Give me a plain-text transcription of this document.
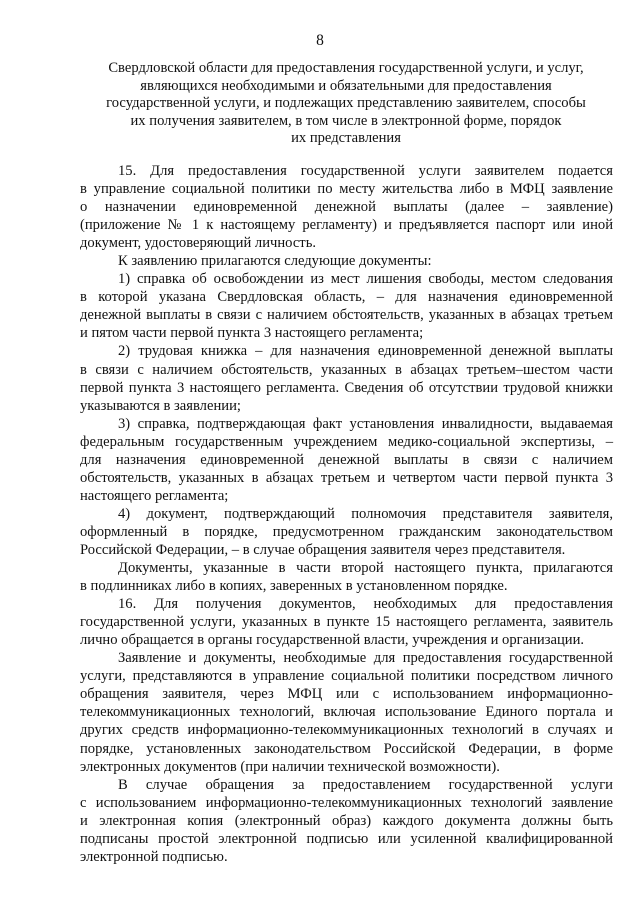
8
Свердловской области для предоставления государственной услуги, и услуг,
являющихся необходимыми и обязательными для предоставления
государственной услуги, и подлежащих представлению заявителем, способы
их получения заявителем, в том числе в электронной форме, порядок
их представления

15. Для предоставления государственной услуги заявителем подается
в управление социальной политики по месту жительства либо в МФЦ заявление
о назначении единовременной денежной выплаты (далее – заявление)
(приложение № 1 к настоящему регламенту) и предъявляется паспорт или иной
документ, удостоверяющий личность.

К заявлению прилагаются следующие документы:

1) справка об освобождении из мест лишения свободы, местом следования
в которой указана Свердловская область, – для назначения единовременной
денежной выплаты в связи с наличием обстоятельств, указанных в абзацах третьем
и пятом части первой пункта 3 настоящего регламента;

2) трудовая книжка – для назначения единовременной денежной выплаты
в связи с наличием обстоятельств, указанных в абзацах третьем–шестом части
первой пункта 3 настоящего регламента. Сведения об отсутствии трудовой книжки
указываются в заявлении;

3) справка, подтверждающая факт установления инвалидности, выдаваемая
федеральным государственным учреждением медико-социальной экспертизы, –
для назначения единовременной денежной выплаты в связи с наличием
обстоятельств, указанных в абзацах третьем и четвертом части первой пункта 3
настоящего регламента;

4) документ, подтверждающий полномочия представителя заявителя,
оформленный в порядке, предусмотренном гражданским законодательством
Российской Федерации, – в случае обращения заявителя через представителя.

Документы, указанные в части второй настоящего пункта, прилагаются
в подлинниках либо в копиях, заверенных в установленном порядке.

16. Для получения документов, необходимых для предоставления
государственной услуги, указанных в пункте 15 настоящего регламента, заявитель
лично обращается в органы государственной власти, учреждения и организации.

Заявление и документы, необходимые для предоставления государственной
услуги, представляются в управление социальной политики посредством личного
обращения заявителя, через МФЦ или с использованием информационно-
телекоммуникационных технологий, включая использование Единого портала и
других средств информационно-телекоммуникационных технологий в случаях и
порядке, установленных законодательством Российской Федерации, в форме
электронных документов (при наличии технической возможности).

В случае обращения за предоставлением государственной услуги
с использованием информационно-телекоммуникационных технологий заявление
и электронная копия (электронный образ) каждого документа должны быть
подписаны простой электронной подписью или усиленной квалифицированной
электронной подписью.
